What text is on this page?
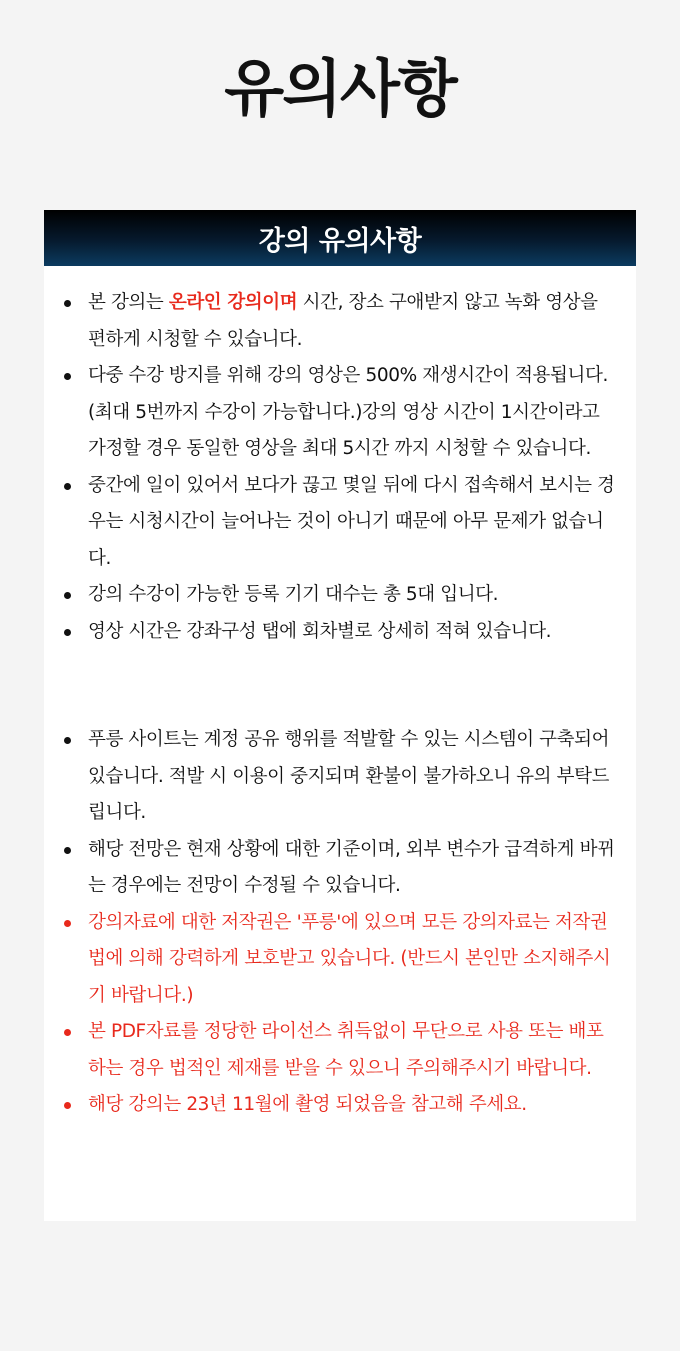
유의사항
강의 유의사항
본 강의는 온라인 강의이며 시간, 장소 구애받지 않고 녹화 영상을 편하게 시청할 수 있습니다.
다중 수강 방지를 위해 강의 영상은 500% 재생시간이 적용됩니다. (최대 5번까지 수강이 가능합니다.)강의 영상 시간이 1시간이라고 가정할 경우 동일한 영상을 최대 5시간 까지 시청할 수 있습니다.
중간에 일이 있어서 보다가 끊고 몇일 뒤에 다시 접속해서 보시는 경우는 시청시간이 늘어나는 것이 아니기 때문에 아무 문제가 없습니다.
강의 수강이 가능한 등록 기기 대수는 총 5대 입니다.
영상 시간은 강좌구성 탭에 회차별로 상세히 적혀 있습니다.
푸릉 사이트는 계정 공유 행위를 적발할 수 있는 시스템이 구축되어있습니다. 적발 시 이용이 중지되며 환불이 불가하오니 유의 부탁드립니다.
해당 전망은 현재 상황에 대한 기준이며, 외부 변수가 급격하게 바뀌는 경우에는 전망이 수정될 수 있습니다.
강의자료에 대한 저작권은 '푸릉'에 있으며 모든 강의자료는 저작권법에 의해 강력하게 보호받고 있습니다. (반드시 본인만 소지해주시기 바랍니다.)
본 PDF자료를 정당한 라이선스 취득없이 무단으로 사용 또는 배포하는 경우 법적인 제재를 받을 수 있으니 주의해주시기 바랍니다.
해당 강의는 23년 11월에 촬영 되었음을 참고해 주세요.
